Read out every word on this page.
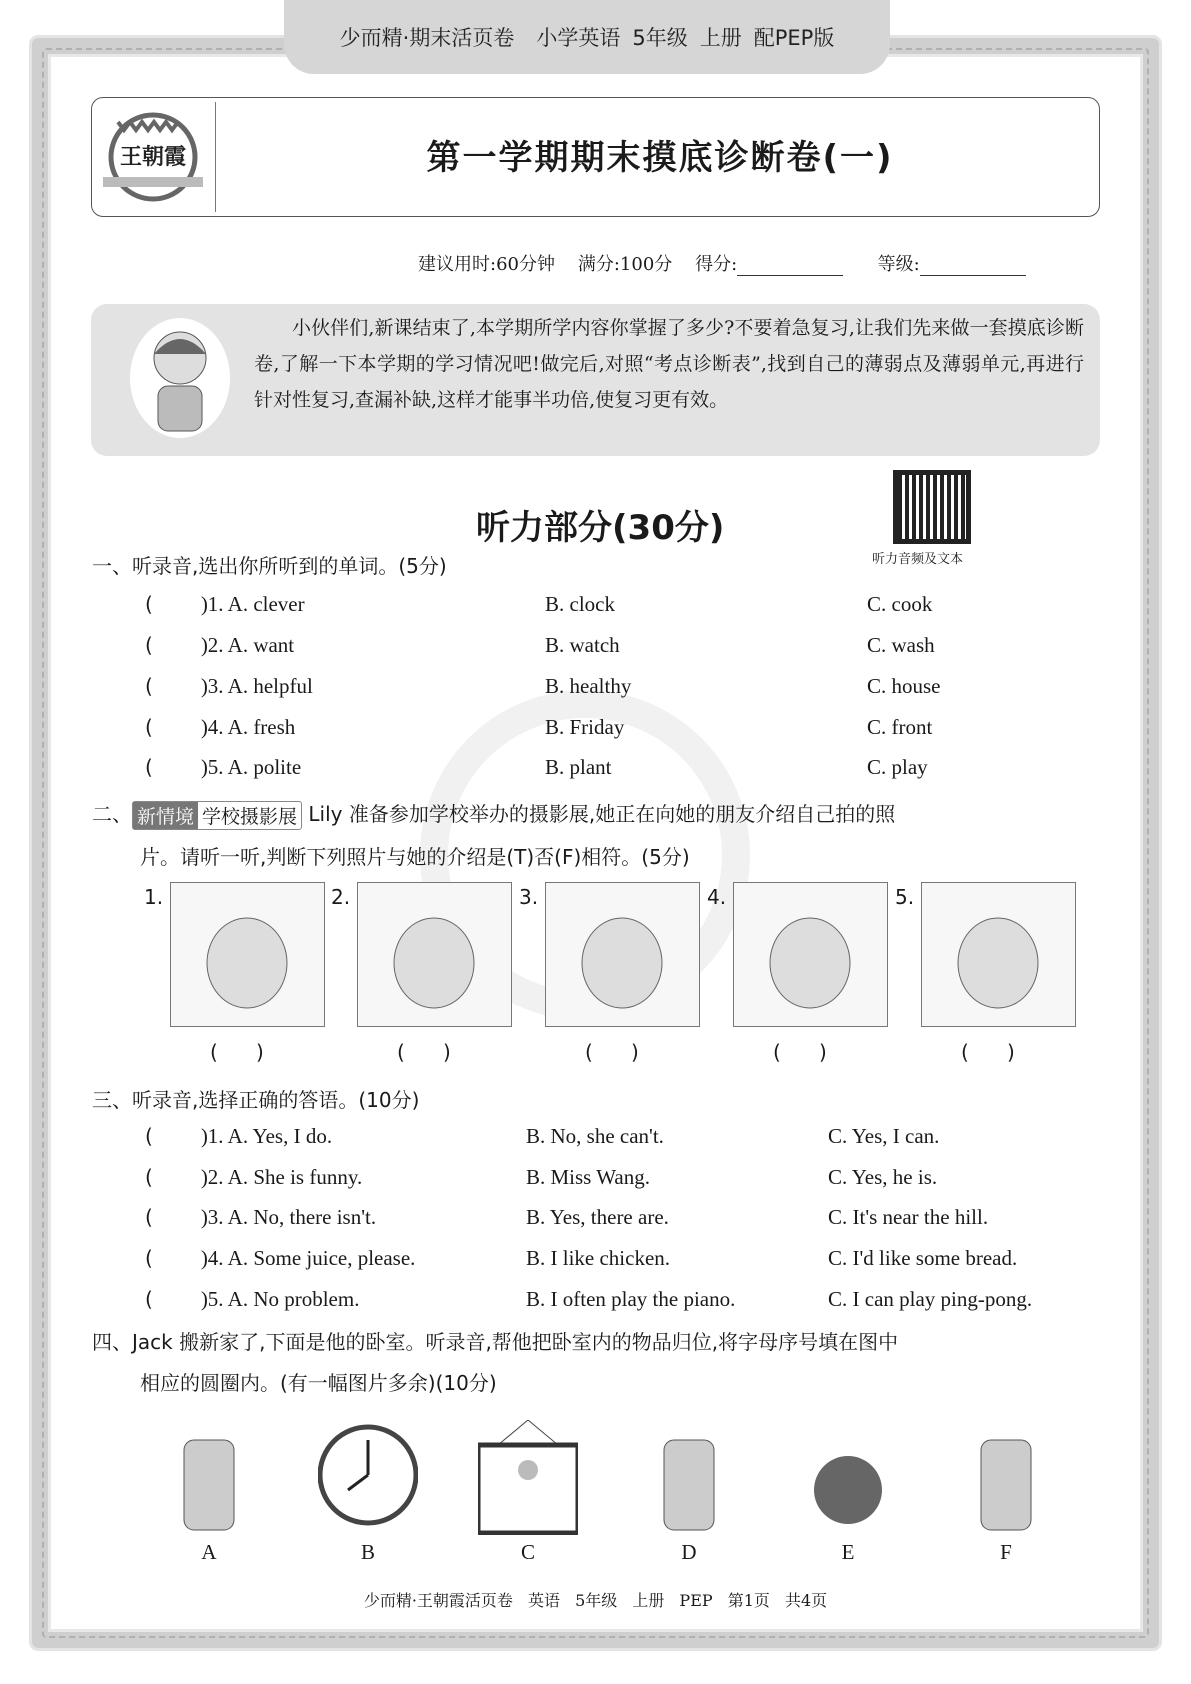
少而精·期末活页卷 小学英语 5年级 上册 配PEP版
王朝霞	第一学期期末摸底诊断卷(一)
建议用时:60分钟 满分:100分 得分:	等级:
小伙伴们,新课结束了,本学期所学内容你掌握了多少?不要着急复习,让我们先来做一套摸底诊断卷,了解一下本学期的学习情况吧!做完后,对照“考点诊断表”,找到自己的薄弱点及薄弱单元,再进行针对性复习,查漏补缺,这样才能事半功倍,使复习更有效。
听力部分(30分)
听力音频及文本
一、听录音,选出你所听到的单词。(5分)
( )1. A. clever	B. clock	C. cook
( )2. A. want	B. watch	C. wash
( )3. A. helpful	B. healthy	C. house
( )4. A. fresh	B. Friday	C. front
( )5. A. polite	B. plant	C. play
二、 新情境 学校摄影展 Lily 准备参加学校举办的摄影展,她正在向她的朋友介绍自己拍的照
片。请听一听,判断下列照片与她的介绍是(T)否(F)相符。(5分)
1.
(      )
2.
(      )
3.
(      )
4.
(      )
5.
(      )
三、听录音,选择正确的答语。(10分)
( )1. A. Yes, I do.	B. No, she can't.	C. Yes, I can.
( )2. A. She is funny.	B. Miss Wang.	C. Yes, he is.
( )3. A. No, there isn't.	B. Yes, there are.	C. It's near the hill.
( )4. A. Some juice, please.	B. I like chicken.	C. I'd like some bread.
( )5. A. No problem.	B. I often play the piano.	C. I can play ping-pong.
四、Jack 搬新家了,下面是他的卧室。听录音,帮他把卧室内的物品归位,将字母序号填在图中
相应的圆圈内。(有一幅图片多余)(10分)
A	B	C	D	E	F
少而精·王朝霞活页卷 英语 5年级 上册 PEP 第1页 共4页
